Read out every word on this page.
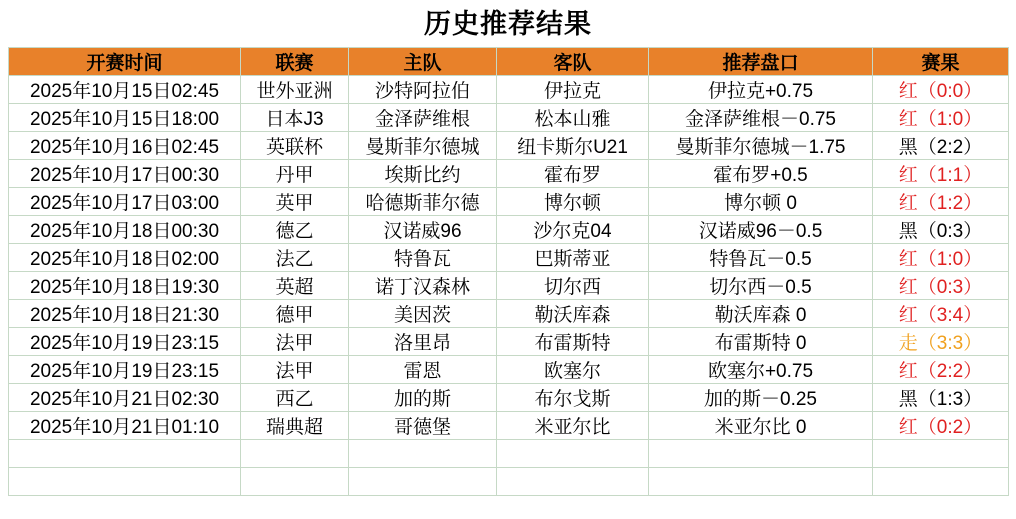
历史推荐结果
开赛时间	联赛	主队	客队	推荐盘口	赛果
2025年10月15日02:45	世外亚洲	沙特阿拉伯	伊拉克	伊拉克+0.75	红（0:0）
2025年10月15日18:00	日本J3	金泽萨维根	松本山雅	金泽萨维根－0.75	红（1:0）
2025年10月16日02:45	英联杯	曼斯菲尔德城	纽卡斯尔U21	曼斯菲尔德城－1.75	黑（2:2）
2025年10月17日00:30	丹甲	埃斯比约	霍布罗	霍布罗+0.5	红（1:1）
2025年10月17日03:00	英甲	哈德斯菲尔德	博尔顿	博尔顿 0	红（1:2）
2025年10月18日00:30	德乙	汉诺威96	沙尔克04	汉诺威96－0.5	黑（0:3）
2025年10月18日02:00	法乙	特鲁瓦	巴斯蒂亚	特鲁瓦－0.5	红（1:0）
2025年10月18日19:30	英超	诺丁汉森林	切尔西	切尔西－0.5	红（0:3）
2025年10月18日21:30	德甲	美因茨	勒沃库森	勒沃库森 0	红（3:4）
2025年10月19日23:15	法甲	洛里昂	布雷斯特	布雷斯特 0	走（3:3）
2025年10月19日23:15	法甲	雷恩	欧塞尔	欧塞尔+0.75	红（2:2）
2025年10月21日02:30	西乙	加的斯	布尔戈斯	加的斯－0.25	黑（1:3）
2025年10月21日01:10	瑞典超	哥德堡	米亚尔比	米亚尔比 0	红（0:2）
